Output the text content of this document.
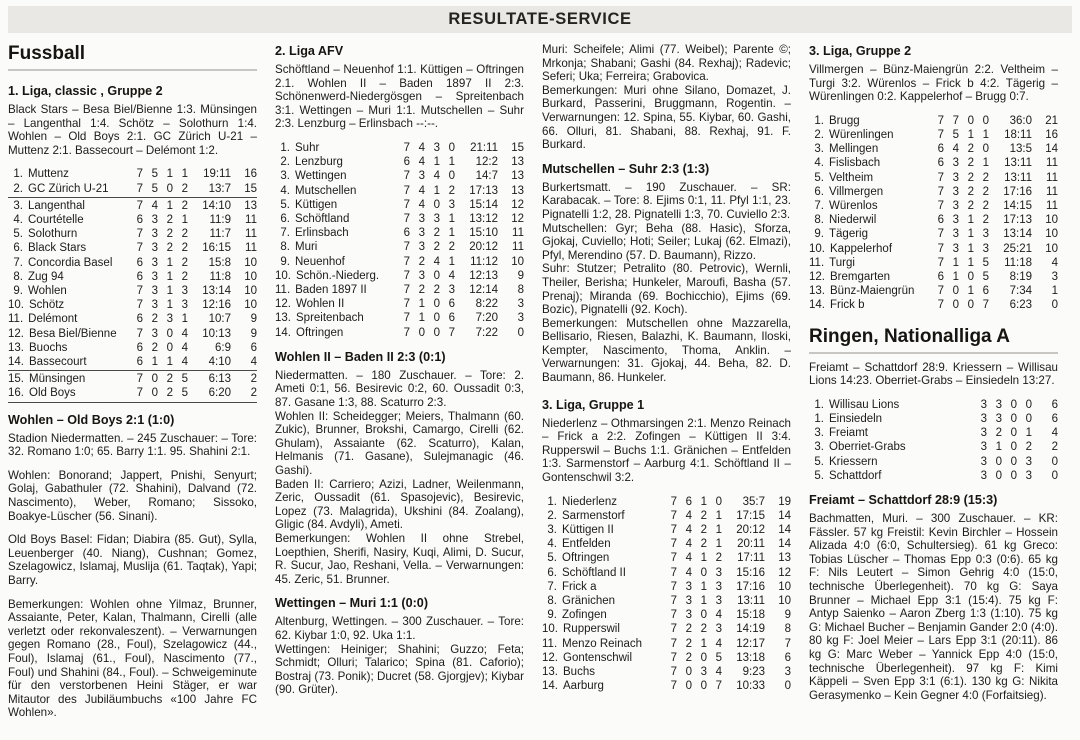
RESULTATE-SERVICE
Fussball
1. Liga, classic , Gruppe 2
Black Stars – Besa Biel/Bienne 1:3. Münsingen – Langenthal 1:4. Schötz – Solothurn 1:4. Wohlen – Old Boys 2:1. GC Zürich U-21 – Muttenz 2:1. Bassecourt – Delémont 1:2.
1. Muttenz	7 5 1 1	19:11	16
2. GC Zürich U-21	7 5 0 2	13:7	15
3. Langenthal	7 4 1 2	14:10	13
4. Courtételle	6 3 2 1	11:9	11
5. Solothurn	7 3 2 2	11:7	11
6. Black Stars	7 3 2 2	16:15	11
7. Concordia Basel	6 3 1 2	15:8	10
8. Zug 94	6 3 1 2	11:8	10
9. Wohlen	7 3 1 3	13:14	10
10. Schötz	7 3 1 3	12:16	10
11. Delémont	6 2 3 1	10:7	9
12. Besa Biel/Bienne	7 3 0 4	10:13	9
13. Buochs	6 2 0 4	6:9	6
14. Bassecourt	6 1 1 4	4:10	4
15. Münsingen	7 0 2 5	6:13	2
16. Old Boys	7 0 2 5	6:20	2
Wohlen – Old Boys 2:1 (1:0)
Stadion Niedermatten. – 245 Zuschauer: – Tore: 32. Romano 1:0; 65. Barry 1:1. 95. Shahini 2:1.
Wohlen: Bonorand; Jappert, Pnishi, Senyurt; Golaj, Gabathuler (72. Shahini), Dalvand (72. Nascimento), Weber, Romano; Sissoko, Boakye-Lüscher (56. Sinani).
Old Boys Basel: Fidan; Diabira (85. Gut), Sylla, Leuenberger (40. Niang), Cushnan; Gomez, Szelagowicz, Islamaj, Muslija (61. Taqtak), Yapi; Barry.
Bemerkungen: Wohlen ohne Yilmaz, Brunner, Assaiante, Peter, Kalan, Thalmann, Cirelli (alle verletzt oder rekonvaleszent). – Verwarnungen gegen Romano (28., Foul), Szelagowicz (44., Foul), Islamaj (61., Foul), Nascimento (77., Foul) und Shahini (84., Foul). – Schweigeminute für den verstorbenen Heini Stäger, er war Mitautor des Jubiläumbuchs «100 Jahre FC Wohlen».
2. Liga AFV
Schöftland – Neuenhof 1:1. Küttigen – Oftringen 2.1. Wohlen II – Baden 1897 II 2:3. Schönenwerd-Niedergösgen – Spreitenbach 3:1. Wettingen – Muri 1:1. Mutschellen – Suhr 2:3. Lenzburg – Erlinsbach --:--.
1. Suhr	7 4 3 0	21:11	15
2. Lenzburg	6 4 1 1	12:2	13
3. Wettingen	7 3 4 0	14:7	13
4. Mutschellen	7 4 1 2	17:13	13
5. Küttigen	7 4 0 3	15:14	12
6. Schöftland	7 3 3 1	13:12	12
7. Erlinsbach	6 3 2 1	15:10	11
8. Muri	7 3 2 2	20:12	11
9. Neuenhof	7 2 4 1	11:12	10
10. Schön.-Niederg.	7 3 0 4	12:13	9
11. Baden 1897 II	7 2 2 3	12:14	8
12. Wohlen II	7 1 0 6	8:22	3
13. Spreitenbach	7 1 0 6	7:20	3
14. Oftringen	7 0 0 7	7:22	0
Wohlen II – Baden II 2:3 (0:1)
Niedermatten. – 180 Zuschauer. – Tore: 2. Ameti 0:1, 56. Besirevic 0:2, 60. Oussadit 0:3, 87. Gasane 1:3, 88. Scaturro 2:3.
Wohlen II: Scheidegger; Meiers, Thalmann (60. Zukic), Brunner, Brokshi, Camargo, Cirelli (62. Ghulam), Assaiante (62. Scaturro), Kalan, Helmanis (71. Gasane), Sulejmanagic (46. Gashi).
Baden II: Carriero; Azizi, Ladner, Weilenmann, Zeric, Oussadit (61. Spasojevic), Besirevic, Lopez (73. Malagrida), Ukshini (84. Zoalang), Gligic (84. Avdyli), Ameti.
Bemerkungen: Wohlen II ohne Strebel, Loepthien, Sherifi, Nasiry, Kuqi, Alimi, D. Sucur, R. Sucur, Jao, Reshani, Vella. – Verwarnungen: 45. Zeric, 51. Brunner.
Wettingen – Muri 1:1 (0:0)
Altenburg, Wettingen. – 300 Zuschauer. – Tore: 62. Kiybar 1:0, 92. Uka 1:1.
Wettingen: Heiniger; Shahini; Guzzo; Feta; Schmidt; Olluri; Talarico; Spina (81. Caforio); Bostraj (73. Ponik); Ducret (58. Gjorgjev); Kiybar (90. Grüter).
Muri: Scheifele; Alimi (77. Weibel); Parente ©; Mrkonja; Shabani; Gashi (84. Rexhaj); Radevic; Seferi; Uka; Ferreira; Grabovica.
Bemerkungen: Muri ohne Silano, Domazet, J. Burkard, Passerini, Bruggmann, Rogentin. – Verwarnungen: 12. Spina, 55. Kiybar, 60. Gashi, 66. Olluri, 81. Shabani, 88. Rexhaj, 91. F. Burkard.
Mutschellen – Suhr 2:3 (1:3)
Burkertsmatt. – 190 Zuschauer. – SR: Karabacak. – Tore: 8. Ejims 0:1, 11. Pfyl 1:1, 23. Pignatelli 1:2, 28. Pignatelli 1:3, 70. Cuviello 2:3.
Mutschellen: Gyr; Beha (88. Hasic), Sforza, Gjokaj, Cuviello; Hoti; Seiler; Lukaj (62. Elmazi), Pfyl, Merendino (57. D. Baumann), Rizzo.
Suhr: Stutzer; Petralito (80. Petrovic), Wernli, Theiler, Berisha; Hunkeler, Maroufi, Basha (57. Prenaj); Miranda (69. Bochicchio), Ejims (69. Bozic), Pignatelli (92. Koch).
Bemerkungen: Mutschellen ohne Mazzarella, Bellisario, Riesen, Balazhi, K. Baumann, Iloski, Kempter, Nascimento, Thoma, Anklin. – Verwarnungen: 31. Gjokaj, 44. Beha, 82. D. Baumann, 86. Hunkeler.
3. Liga, Gruppe 1
Niederlenz – Othmarsingen 2:1. Menzo Reinach – Frick a 2:2. Zofingen – Küttigen II 3:4. Rupperswil – Buchs 1:1. Gränichen – Entfelden 1:3. Sarmenstorf – Aarburg 4:1. Schöftland II – Gontenschwil 3:2.
1. Niederlenz	7 6 1 0	35:7	19
2. Sarmenstorf	7 4 2 1	17:15	14
3. Küttigen II	7 4 2 1	20:12	14
4. Entfelden	7 4 2 1	20:11	14
5. Oftringen	7 4 1 2	17:11	13
6. Schöftland II	7 4 0 3	15:16	12
7. Frick a	7 3 1 3	17:16	10
8. Gränichen	7 3 1 3	13:11	10
9. Zofingen	7 3 0 4	15:18	9
10. Rupperswil	7 2 2 3	14:19	8
11. Menzo Reinach	7 2 1 4	12:17	7
12. Gontenschwil	7 2 0 5	13:18	6
13. Buchs	7 0 3 4	9:23	3
14. Aarburg	7 0 0 7	10:33	0
3. Liga, Gruppe 2
Villmergen – Bünz-Maiengrün 2:2. Veltheim – Turgi 3:2. Würenlos – Frick b 4:2. Tägerig – Würenlingen 0:2. Kappelerhof – Brugg 0:7.
1. Brugg	7 7 0 0	36:0	21
2. Würenlingen	7 5 1 1	18:11	16
3. Mellingen	6 4 2 0	13:5	14
4. Fislisbach	6 3 2 1	13:11	11
5. Veltheim	7 3 2 2	13:11	11
6. Villmergen	7 3 2 2	17:16	11
7. Würenlos	7 3 2 2	14:15	11
8. Niederwil	6 3 1 2	17:13	10
9. Tägerig	7 3 1 3	13:14	10
10. Kappelerhof	7 3 1 3	25:21	10
11. Turgi	7 1 1 5	11:18	4
12. Bremgarten	6 1 0 5	8:19	3
13. Bünz-Maiengrün	7 0 1 6	7:34	1
14. Frick b	7 0 0 7	6:23	0
Ringen, Nationalliga A
Freiamt – Schattdorf 28:9. Kriessern – Willisau Lions 14:23. Oberriet-Grabs – Einsiedeln 13:27.
1. Willisau Lions	3 3 0 0	6
1. Einsiedeln	3 3 0 0	6
3. Freiamt	3 2 0 1	4
3. Oberriet-Grabs	3 1 0 2	2
5. Kriessern	3 0 0 3	0
5. Schattdorf	3 0 0 3	0
Freiamt – Schattdorf 28:9 (15:3)
Bachmatten, Muri. – 300 Zuschauer. – KR: Fässler. 57 kg Freistil: Kevin Birchler – Hossein Alizada 4:0 (6:0, Schultersieg). 61 kg Greco: Tobias Lüscher – Thomas Epp 0:3 (0:6). 65 kg F: Nils Leutert – Simon Gehrig 4:0 (15:0, technische Überlegenheit). 70 kg G: Saya Brunner – Michael Epp 3:1 (15:4). 75 kg F: Antyp Saienko – Aaron Zberg 1:3 (1:10). 75 kg G: Michael Bucher – Benjamin Gander 2:0 (4:0). 80 kg F: Joel Meier – Lars Epp 3:1 (20:11). 86 kg G: Marc Weber – Yannick Epp 4:0 (15:0, technische Überlegenheit). 97 kg F: Kimi Käppeli – Sven Epp 3:1 (6:1). 130 kg G: Nikita Gerasymenko – Kein Gegner 4:0 (Forfaitsieg).
